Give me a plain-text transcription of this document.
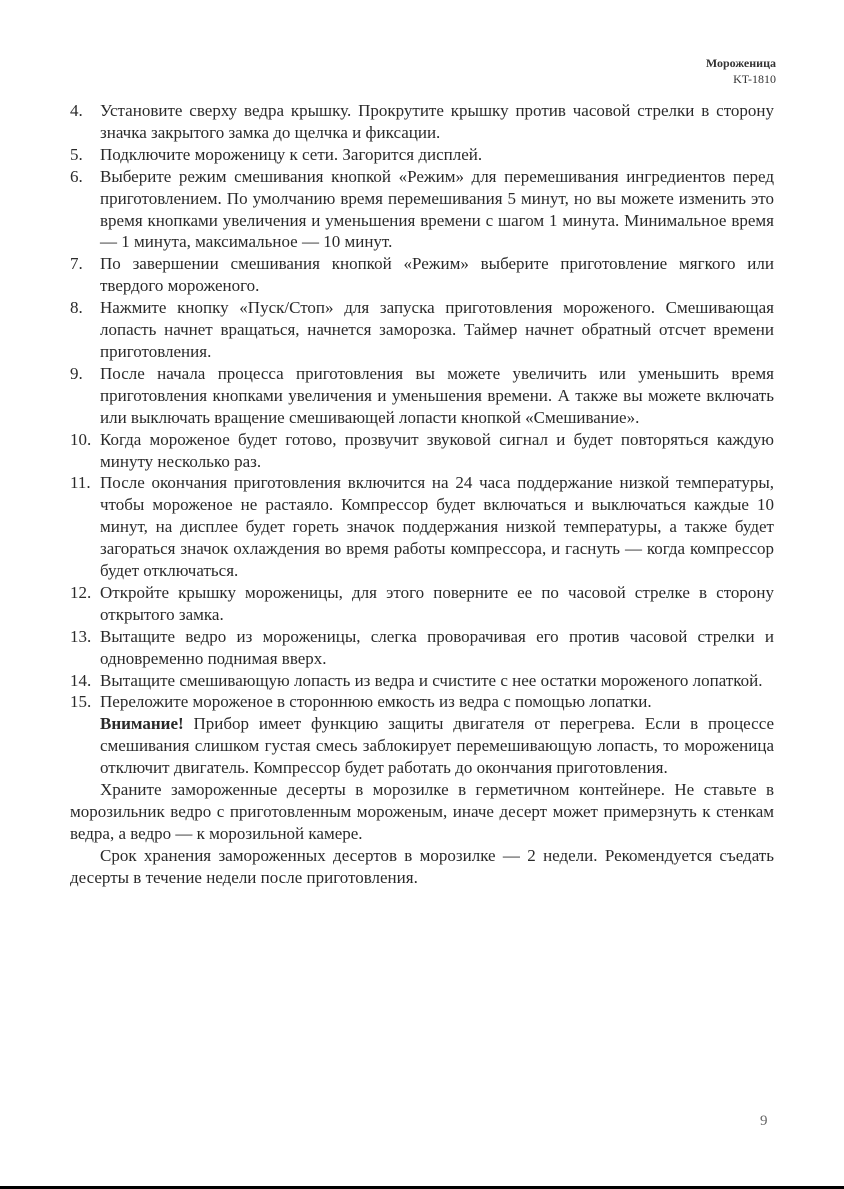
Мороженица
KT-1810
4. Установите сверху ведра крышку. Прокрутите крышку против часовой стрелки в сторону значка закрытого замка до щелчка и фиксации.
5. Подключите мороженицу к сети. Загорится дисплей.
6. Выберите режим смешивания кнопкой «Режим» для перемешивания ингредиентов перед приготовлением. По умолчанию время перемешивания 5 минут, но вы можете изменить это время кнопками увеличения и уменьшения времени с шагом 1 минута. Минимальное время — 1 минута, максимальное — 10 минут.
7. По завершении смешивания кнопкой «Режим» выберите приготовление мягкого или твердого мороженого.
8. Нажмите кнопку «Пуск/Стоп» для запуска приготовления мороженого. Смешивающая лопасть начнет вращаться, начнется заморозка. Таймер начнет обратный отсчет времени приготовления.
9. После начала процесса приготовления вы можете увеличить или уменьшить время приготовления кнопками увеличения и уменьшения времени. А также вы можете включать или выключать вращение смешивающей лопасти кнопкой «Смешивание».
10. Когда мороженое будет готово, прозвучит звуковой сигнал и будет повторяться каждую минуту несколько раз.
11. После окончания приготовления включится на 24 часа поддержание низкой температуры, чтобы мороженое не растаяло. Компрессор будет включаться и выключаться каждые 10 минут, на дисплее будет гореть значок поддержания низкой температуры, а также будет загораться значок охлаждения во время работы компрессора, и гаснуть — когда компрессор будет отключаться.
12. Откройте крышку мороженицы, для этого поверните ее по часовой стрелке в сторону открытого замка.
13. Вытащите ведро из мороженицы, слегка проворачивая его против часовой стрелки и одновременно поднимая вверх.
14. Вытащите смешивающую лопасть из ведра и счистите с нее остатки мороженого лопаткой.
15. Переложите мороженое в стороннюю емкость из ведра с помощью лопатки.

Внимание! Прибор имеет функцию защиты двигателя от перегрева. Если в процессе смешивания слишком густая смесь заблокирует перемешивающую лопасть, то мороженица отключит двигатель. Компрессор будет работать до окончания приготовления.

Храните замороженные десерты в морозилке в герметичном контейнере. Не ставьте в морозильник ведро с приготовленным мороженым, иначе десерт может примерзнуть к стенкам ведра, а ведро — к морозильной камере.

Срок хранения замороженных десертов в морозилке — 2 недели. Рекомендуется съедать десерты в течение недели после приготовления.

9
